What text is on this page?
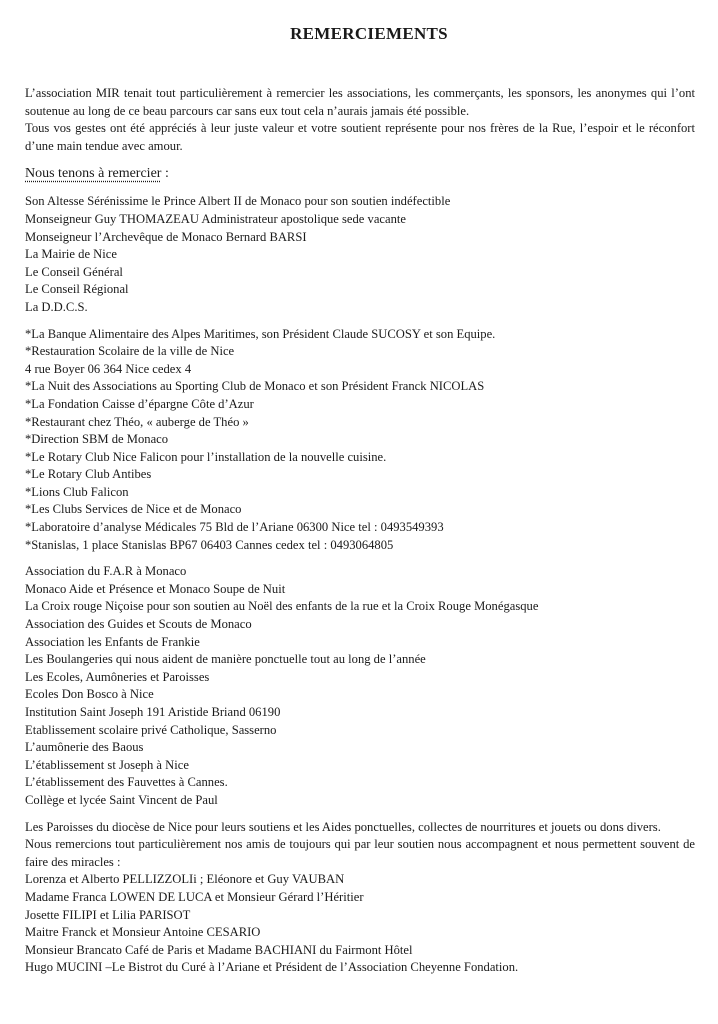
REMERCIEMENTS

L’association MIR tenait tout particulièrement à remercier les associations, les commerçants, les sponsors, les anonymes qui l’ont soutenue au long de ce beau parcours car sans eux tout cela n’aurais jamais été possible.

Tous vos gestes ont été appréciés à leur juste valeur et votre soutient représente pour nos frères de la Rue, l’espoir et le réconfort d’une main tendue avec amour.

Nous tenons à remercier :
Son Altesse Sérénissime le Prince Albert II de Monaco pour son soutien indéfectible
Monseigneur Guy THOMAZEAU Administrateur apostolique sede vacante
Monseigneur l’Archevêque de Monaco Bernard BARSI
La Mairie de Nice
Le Conseil Général
Le Conseil Régional
La D.D.C.S.
*La Banque Alimentaire des Alpes Maritimes, son Président Claude SUCOSY et son Equipe.
*Restauration Scolaire de la ville de Nice
4 rue Boyer 06 364 Nice cedex 4
*La Nuit des Associations au Sporting Club de Monaco et son Président Franck NICOLAS
*La Fondation Caisse d’épargne Côte d’Azur
*Restaurant chez Théo, « auberge de Théo »
*Direction SBM de Monaco
*Le Rotary Club Nice Falicon pour l’installation de la nouvelle cuisine.
*Le Rotary Club Antibes
*Lions Club Falicon
*Les Clubs Services de Nice et de Monaco
*Laboratoire d’analyse Médicales 75 Bld de l’Ariane 06300 Nice tel : 0493549393
*Stanislas, 1 place Stanislas BP67 06403 Cannes cedex tel : 0493064805
Association du F.A.R à Monaco
Monaco Aide et Présence et Monaco Soupe de Nuit
La Croix rouge Niçoise pour son soutien au Noël des enfants de la rue et la Croix Rouge Monégasque
Association des Guides et Scouts de Monaco
Association les Enfants de Frankie
Les Boulangeries qui nous aident de manière ponctuelle tout au long de l’année
Les Ecoles, Aumôneries et Paroisses
Ecoles Don Bosco à Nice
Institution Saint Joseph 191 Aristide Briand 06190
Etablissement scolaire privé Catholique, Sasserno
L’aumônerie des Baous
L’établissement st Joseph à Nice
L’établissement des Fauvettes à Cannes.
Collège et lycée Saint Vincent de Paul

Les Paroisses du diocèse de Nice pour leurs soutiens et les Aides ponctuelles, collectes de nourritures et jouets ou dons divers.

Nous remercions tout particulièrement nos amis de toujours qui par leur soutien nous accompagnent et nous permettent souvent de faire des miracles :

Lorenza et Alberto PELLIZZOLIi ; Eléonore et Guy VAUBAN
Madame Franca LOWEN DE LUCA et Monsieur Gérard l’Héritier
Josette FILIPI et Lilia PARISOT
Maitre Franck et Monsieur Antoine CESARIO
Monsieur Brancato Café de Paris et Madame BACHIANI du Fairmont Hôtel
Hugo MUCINI –Le Bistrot du Curé à l’Ariane et Président de l’Association Cheyenne Fondation.
